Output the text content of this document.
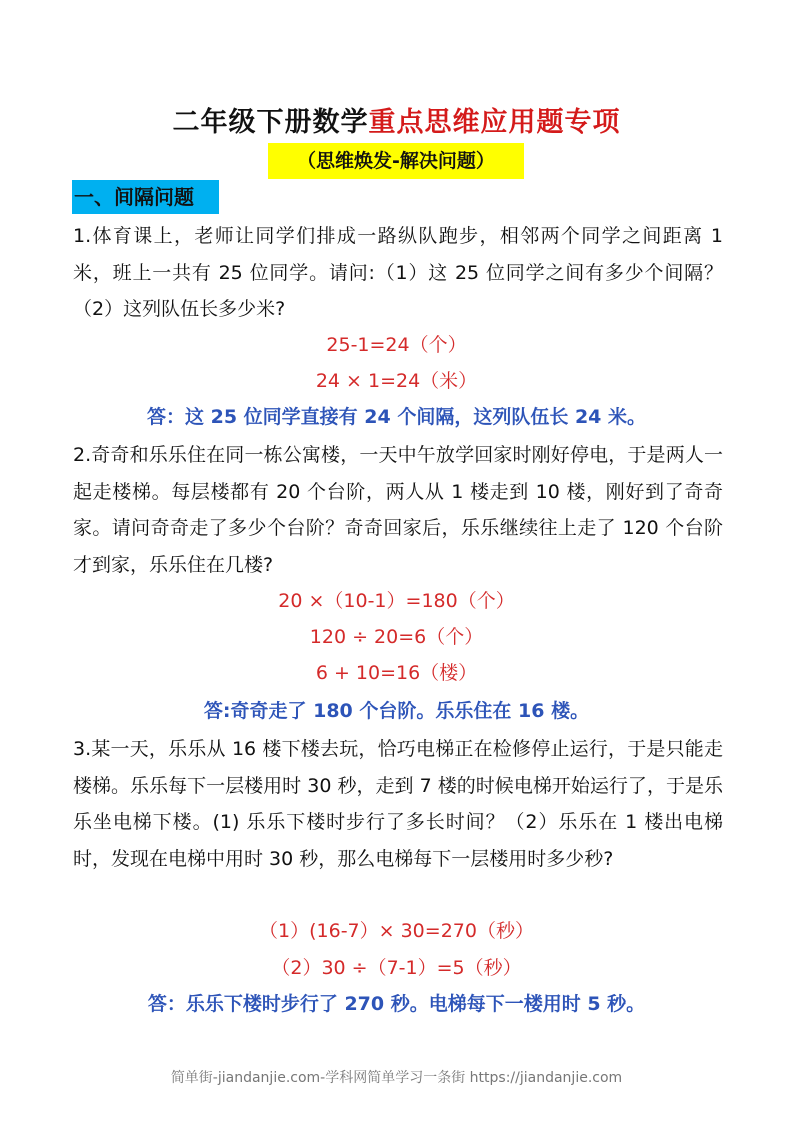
二年级下册数学重点思维应用题专项
（思维焕发-解决问题）
一、间隔问题
1.体育课上，老师让同学们排成一路纵队跑步，相邻两个同学之间距离 1 米，班上一共有 25 位同学。请问:（1）这 25 位同学之间有多少个间隔？（2）这列队伍长多少米?
25-1=24（个）
24 × 1=24（米）
答：这 25 位同学直接有 24 个间隔，这列队伍长 24 米。
2.奇奇和乐乐住在同一栋公寓楼，一天中午放学回家时刚好停电，于是两人一起走楼梯。每层楼都有 20 个台阶，两人从 1 楼走到 10 楼，刚好到了奇奇家。请问奇奇走了多少个台阶？奇奇回家后，乐乐继续往上走了 120 个台阶才到家，乐乐住在几楼?
20 ×（10-1）=180（个）
120 ÷ 20=6（个）
6 + 10=16（楼）
答:奇奇走了 180 个台阶。乐乐住在 16 楼。
3.某一天，乐乐从 16 楼下楼去玩，恰巧电梯正在检修停止运行，于是只能走楼梯。乐乐每下一层楼用时 30 秒，走到 7 楼的时候电梯开始运行了，于是乐乐坐电梯下楼。(1) 乐乐下楼时步行了多长时间？（2）乐乐在 1 楼出电梯时，发现在电梯中用时 30 秒，那么电梯每下一层楼用时多少秒?
（1）(16-7）× 30=270（秒）
（2）30 ÷（7-1）=5（秒）
答：乐乐下楼时步行了 270 秒。电梯每下一楼用时 5 秒。
简单街-jiandanjie.com-学科网简单学习一条街 https://jiandanjie.com
